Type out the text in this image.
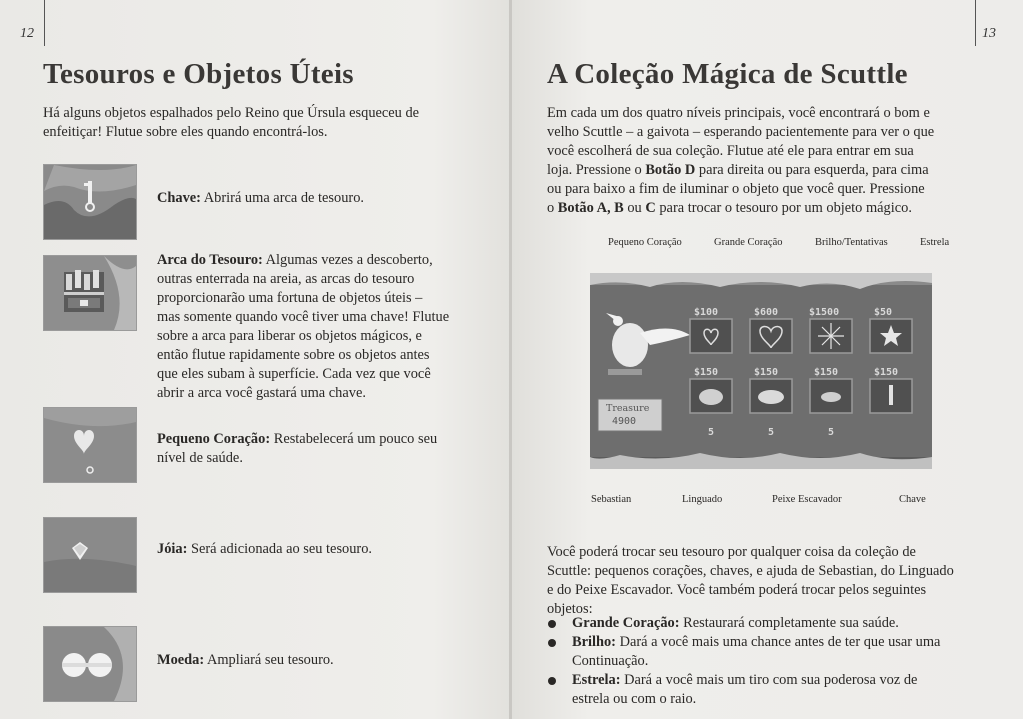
12
Tesouros e Objetos Úteis

Há alguns objetos espalhados pelo Reino que Úrsula esqueceu de
enfeitiçar! Flutue sobre eles quando encontrá-los.

Chave: Abrirá uma arca de tesouro.

Arca do Tesouro: Algumas vezes a descoberto,
outras enterrada na areia, as arcas do tesouro
proporcionarão uma fortuna de objetos úteis –
mas somente quando você tiver uma chave! Flutue
sobre a arca para liberar os objetos mágicos, e
então flutue rapidamente sobre os objetos antes
que eles subam à superfície. Cada vez que você
abrir a arca você gastará uma chave.

Pequeno Coração: Restabelecerá um pouco seu
nível de saúde.

Jóia: Será adicionada ao seu tesouro.

Moeda: Ampliará seu tesouro.

13
A Coleção Mágica de Scuttle

Em cada um dos quatro níveis principais, você encontrará o bom e
velho Scuttle – a gaivota – esperando pacientemente para ver o que
você escolherá de sua coleção. Flutue até ele para entrar em sua
loja. Pressione o Botão D para direita ou para esquerda, para cima
ou para baixo a fim de iluminar o objeto que você quer. Pressione
o Botão A, B ou C para trocar o tesouro por um objeto mágico.

Pequeno Coração	Grande Coração	Brilho/Tentativas	Estrela
Sebastian	Linguado	Peixe Escavador	Chave

Você poderá trocar seu tesouro por qualquer coisa da coleção de
Scuttle: pequenos corações, chaves, e ajuda de Sebastian, do Linguado
e do Peixe Escavador. Você também poderá trocar pelos seguintes
objetos:

$100	$600	$1500	$50
$150	$150	$150	$150
5	5	5
Treasure
4900
Grande Coração: Restaurará completamente sua saúde.
Brilho: Dará a você mais uma chance antes de ter que usar uma
Continuação.
Estrela: Dará a você mais um tiro com sua poderosa voz de
estrela ou com o raio.
